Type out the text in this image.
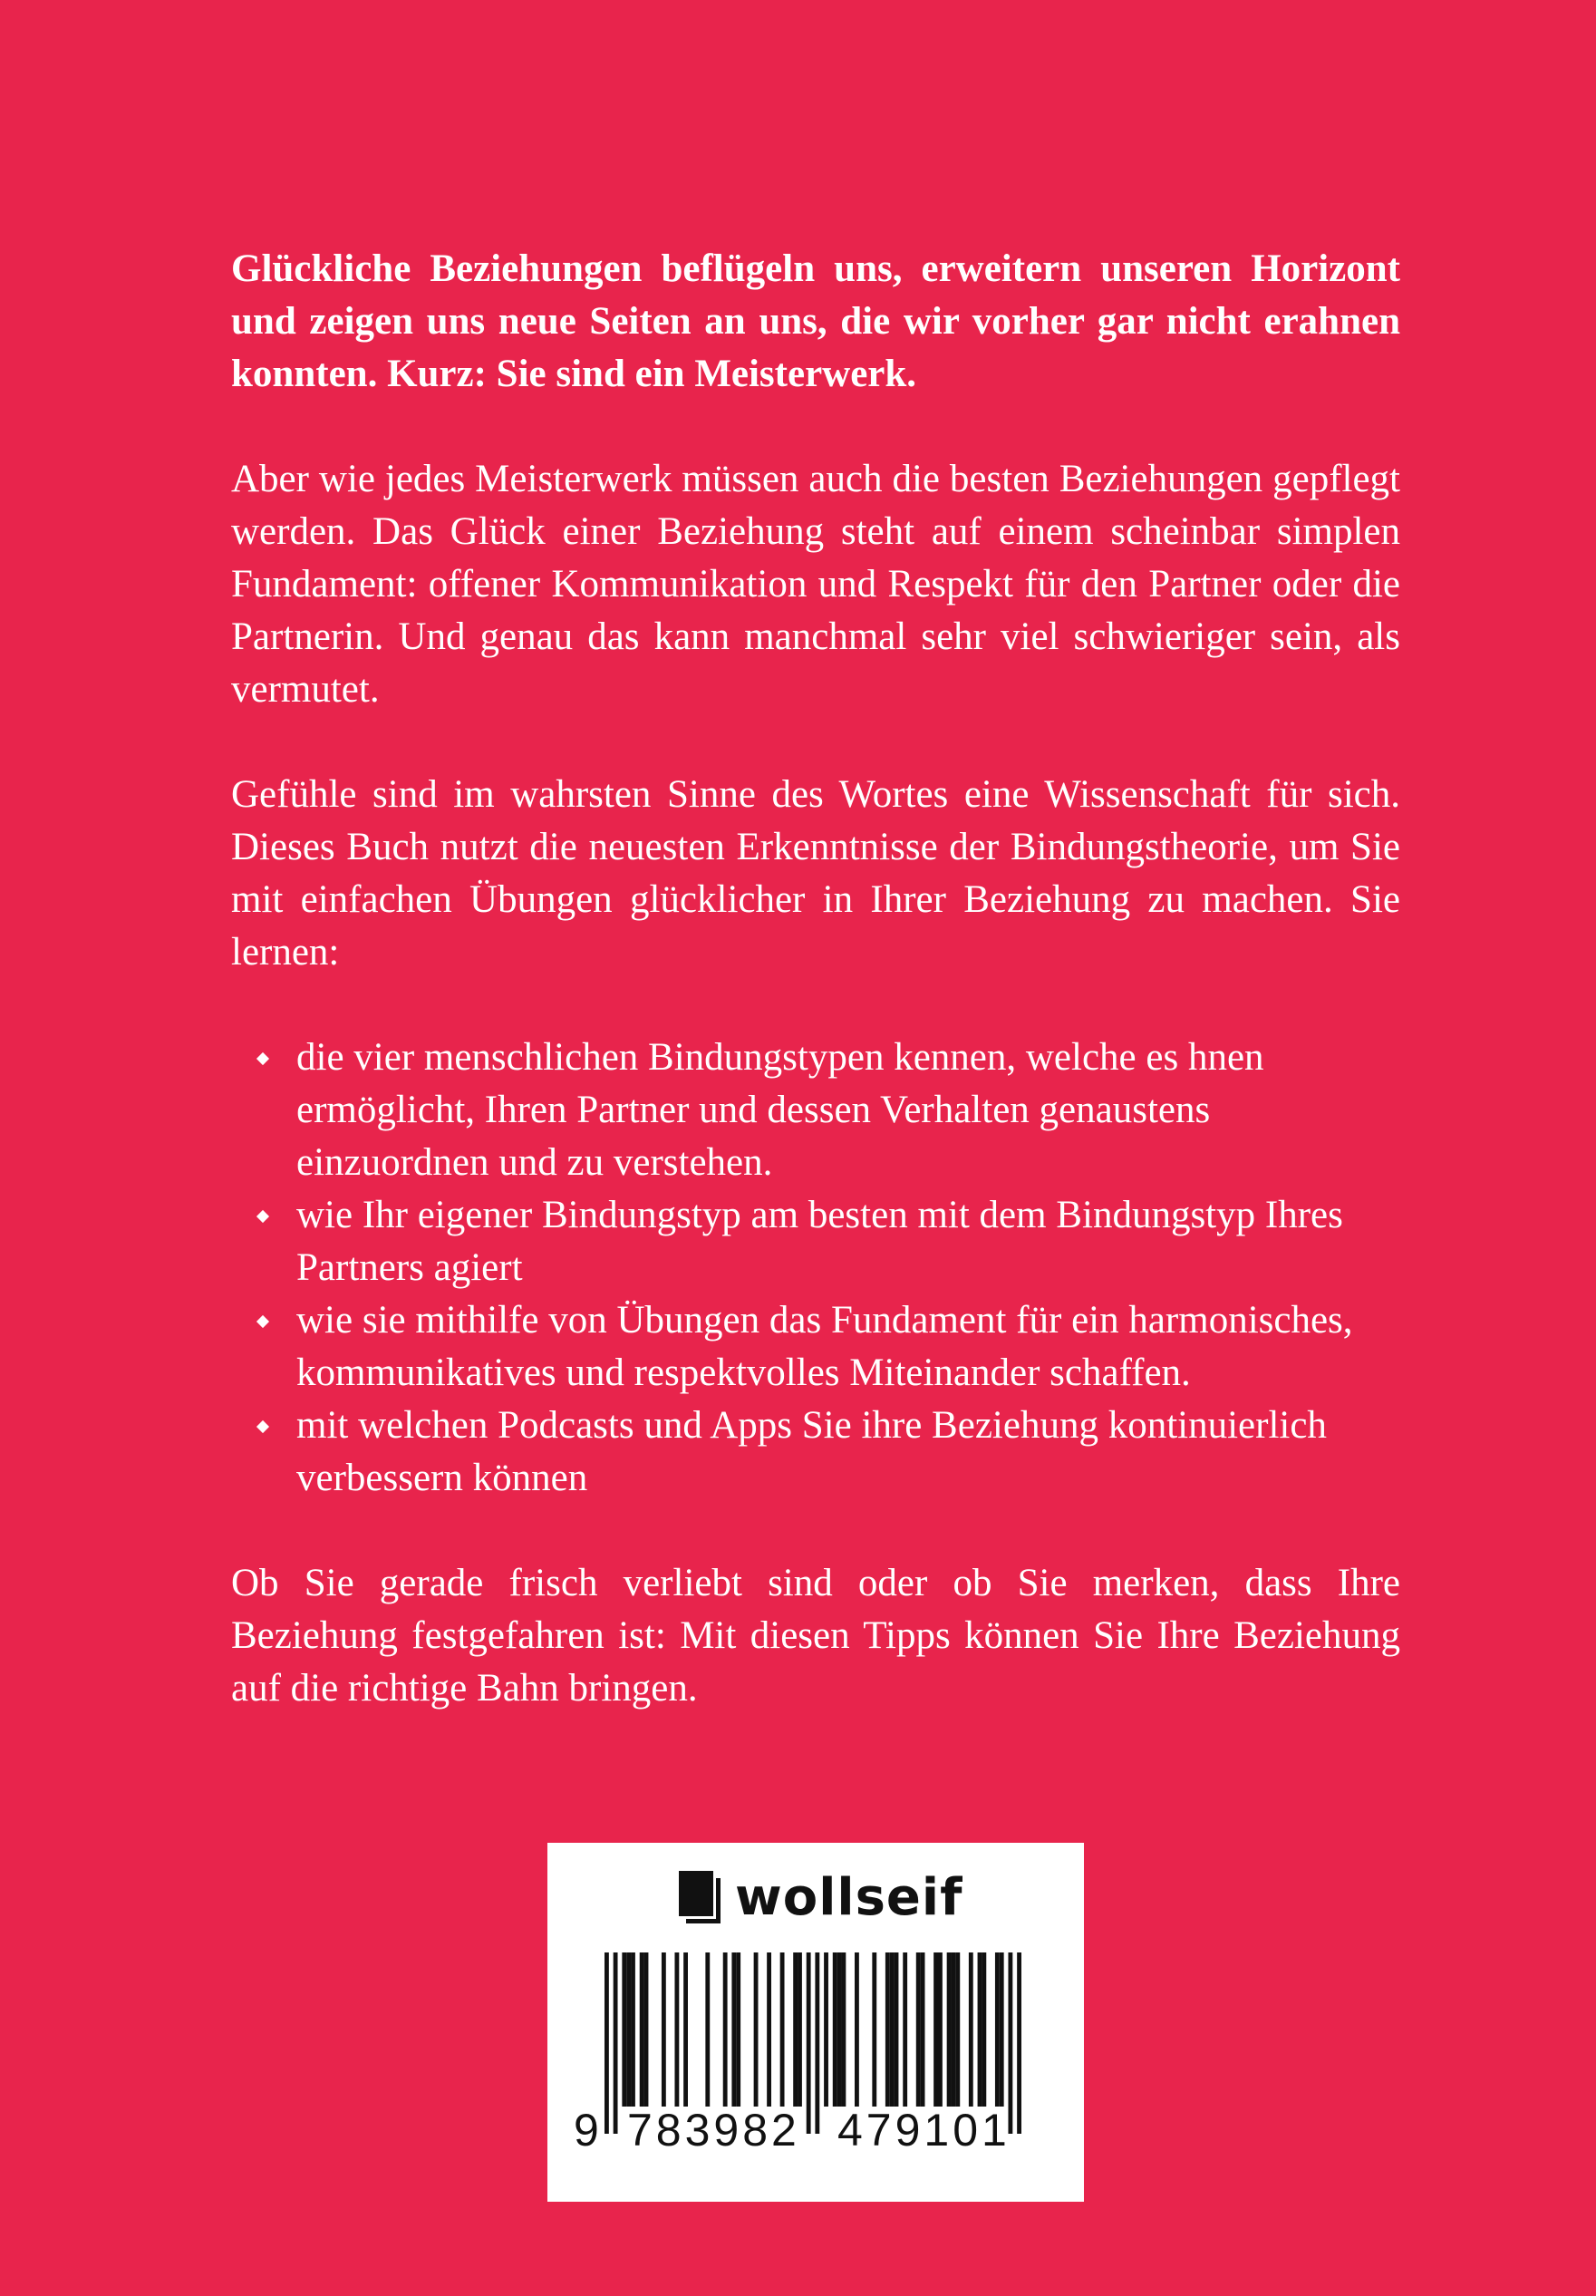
Glückliche Beziehungen beflügeln uns, erweitern unseren Horizont und zeigen uns neue Seiten an uns, die wir vorher gar nicht erahnen konnten. Kurz: Sie sind ein Meisterwerk.

Aber wie jedes Meisterwerk müssen auch die besten Beziehungen gepflegt werden. Das Glück einer Beziehung steht auf einem scheinbar simplen Fundament: offener Kommunikation und Respekt für den Partner oder die Partnerin. Und genau das kann manchmal sehr viel schwieriger sein, als vermutet.

Gefühle sind im wahrsten Sinne des Wortes eine Wissenschaft für sich. Dieses Buch nutzt die neuesten Erkenntnisse der Bindungstheorie, um Sie mit einfachen Übungen glücklicher in Ihrer Beziehung zu machen. Sie lernen:

die vier menschlichen Bindungstypen kennen, welche es hnen ermöglicht, Ihren Partner und dessen Verhalten genaustens einzuordnen und zu verstehen.
wie Ihr eigener Bindungstyp am besten mit dem Bindungstyp Ihres Partners agiert
wie sie mithilfe von Übungen das Fundament für ein harmonisches, kommunikatives und respektvolles Miteinander schaffen.
mit welchen Podcasts und Apps Sie ihre Beziehung kontinuierlich verbessern können

Ob Sie gerade frisch verliebt sind oder ob Sie merken, dass Ihre Beziehung festgefahren ist: Mit diesen Tipps können Sie Ihre Beziehung auf die richtige Bahn bringen.

wollseif
9 783982 479101
